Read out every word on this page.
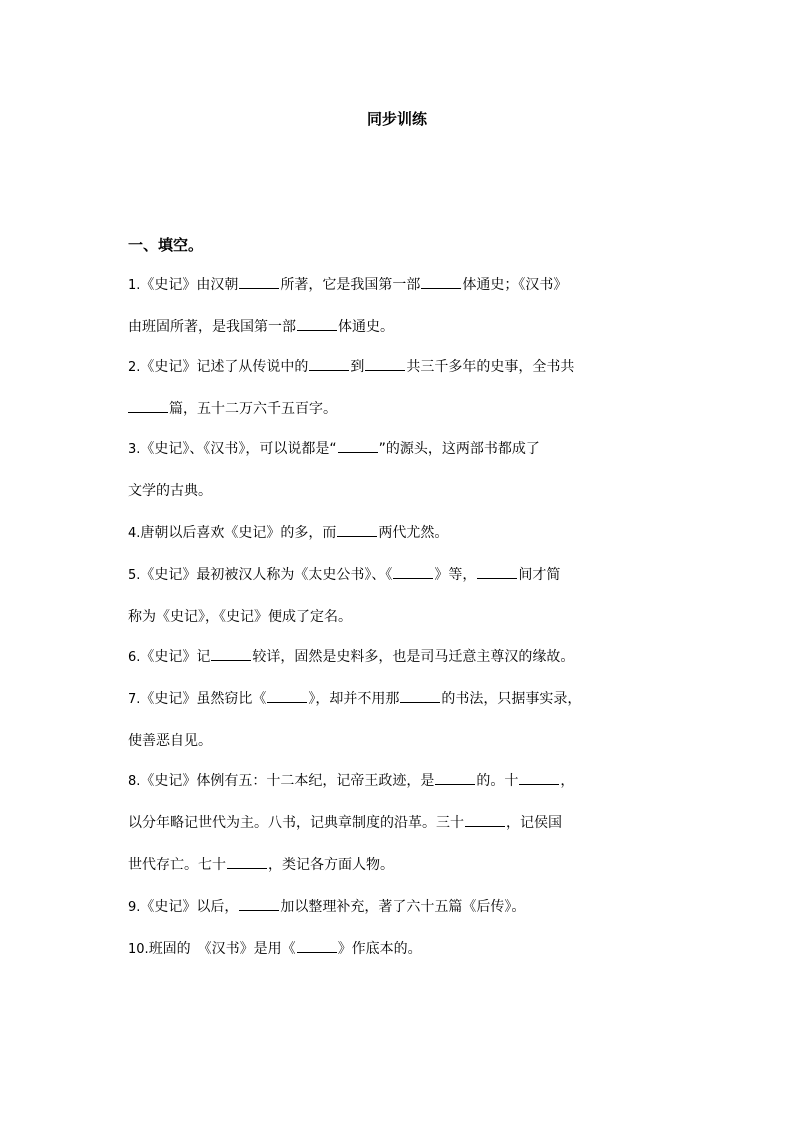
同步训练
一、填空。
1.《史记》由汉朝	所著，它是我国第一部	体通史；《汉书》
由班固所著，是我国第一部	体通史。
2.《史记》记述了从传说中的	到	共三千多年的史事，全书共
篇，五十二万六千五百字。
3.《史记》、《汉书》，可以说都是“	”的源头，这两部书都成了
文学的古典。
4.唐朝以后喜欢《史记》的多，而	两代尤然。
5.《史记》最初被汉人称为《太史公书》、《	》等，	间才简
称为《史记》，《史记》便成了定名。
6.《史记》记	较详，固然是史料多，也是司马迁意主尊汉的缘故。
7.《史记》虽然窃比《	》，却并不用那	的书法，只据事实录，
使善恶自见。
8.《史记》体例有五：十二本纪，记帝王政迹，是	的。十	，
以分年略记世代为主。八书，记典章制度的沿革。三十	，记侯国
世代存亡。七十	，类记各方面人物。
9.《史记》以后，	加以整理补充，著了六十五篇《后传》。
10.班固的　《汉书》是用《	》作底本的。
